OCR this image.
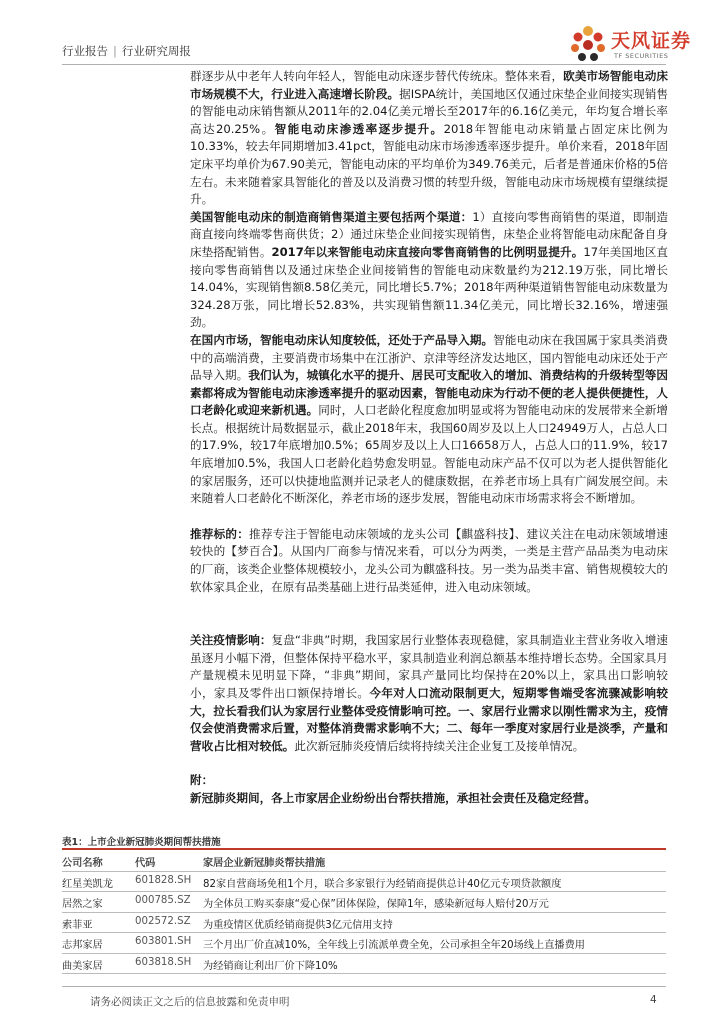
行业报告 | 行业研究周报	天风证券
TF SECURITIES

群逐步从中老年人转向年轻人，智能电动床逐步替代传统床。整体来看，欧美市场智能电动床市场规模不大，行业进入高速增长阶段。据ISPA统计，美国地区仅通过床垫企业间接实现销售的智能电动床销售额从2011年的2.04亿美元增长至2017年的6.16亿美元，年均复合增长率高达20.25%。智能电动床渗透率逐步提升。2018年智能电动床销量占固定床比例为10.33%，较去年同期增加3.41pct，智能电动床市场渗透率逐步提升。单价来看，2018年固定床平均单价为67.90美元，智能电动床的平均单价为349.76美元，后者是普通床价格的5倍左右。未来随着家具智能化的普及以及消费习惯的转型升级，智能电动床市场规模有望继续提升。

美国智能电动床的制造商销售渠道主要包括两个渠道：1）直接向零售商销售的渠道，即制造商直接向终端零售商供货；2）通过床垫企业间接实现销售，床垫企业将智能电动床配备自身床垫搭配销售。2017年以来智能电动床直接向零售商销售的比例明显提升。17年美国地区直接向零售商销售以及通过床垫企业间接销售的智能电动床数量约为212.19万张，同比增长14.04%，实现销售额8.58亿美元，同比增长5.7%；2018年两种渠道销售智能电动床数量为324.28万张，同比增长52.83%，共实现销售额11.34亿美元，同比增长32.16%，增速强劲。

在国内市场，智能电动床认知度较低，还处于产品导入期。智能电动床在我国属于家具类消费中的高端消费，主要消费市场集中在江浙沪、京津等经济发达地区，国内智能电动床还处于产品导入期。我们认为，城镇化水平的提升、居民可支配收入的增加、消费结构的升级转型等因素都将成为智能电动床渗透率提升的驱动因素，智能电动床为行动不便的老人提供便捷性，人口老龄化或迎来新机遇。同时，人口老龄化程度愈加明显或将为智能电动床的发展带来全新增长点。根据统计局数据显示，截止2018年末，我国60周岁及以上人口24949万人，占总人口的17.9%，较17年底增加0.5%；65周岁及以上人口16658万人，占总人口的11.9%，较17年底增加0.5%，我国人口老龄化趋势愈发明显。智能电动床产品不仅可以为老人提供智能化的家居服务，还可以快捷地监测并记录老人的健康数据，在养老市场上具有广阔发展空间。未来随着人口老龄化不断深化，养老市场的逐步发展，智能电动床市场需求将会不断增加。

推荐标的：推荐专注于智能电动床领域的龙头公司【麒盛科技】、建议关注在电动床领域增速较快的【梦百合】。从国内厂商参与情况来看，可以分为两类，一类是主营产品品类为电动床的厂商，该类企业整体规模较小，龙头公司为麒盛科技。另一类为品类丰富、销售规模较大的软体家具企业，在原有品类基础上进行品类延伸，进入电动床领域。

关注疫情影响：复盘“非典”时期，我国家居行业整体表现稳健，家具制造业主营业务收入增速虽逐月小幅下滑，但整体保持平稳水平，家具制造业利润总额基本维持增长态势。全国家具月产量规模未见明显下降，“非典”期间，家具产量同比均保持在20%以上，家具出口影响较小，家具及零件出口额保持增长。今年对人口流动限制更大，短期零售端受客流骤减影响较大，拉长看我们认为家居行业整体受疫情影响可控。一、家居行业需求以刚性需求为主，疫情仅会使消费需求后置，对整体消费需求影响不大；二、每年一季度对家居行业是淡季，产量和营收占比相对较低。此次新冠肺炎疫情后续将持续关注企业复工及接单情况。

附：

新冠肺炎期间，各上市家居企业纷纷出台帮扶措施，承担社会责任及稳定经营。

表1：上市企业新冠肺炎期间帮扶措施
公司名称	代码	家居企业新冠肺炎帮扶措施
红星美凯龙 601828.SH 82家自营商场免租1个月，联合多家银行为经销商提供总计40亿元专项贷款额度
居然之家	000785.SZ 为全体员工购买泰康“爱心保”团体保险，保障1年，感染新冠每人赔付20万元
索菲亚	002572.SZ 为重疫情区优质经销商提供3亿元信用支持
志邦家居	603801.SH 三个月出厂价直减10%，全年线上引流派单费全免，公司承担全年20场线上直播费用
曲美家居	603818.SH 为经销商让利出厂价下降10%
请务必阅读正文之后的信息披露和免责申明	4
